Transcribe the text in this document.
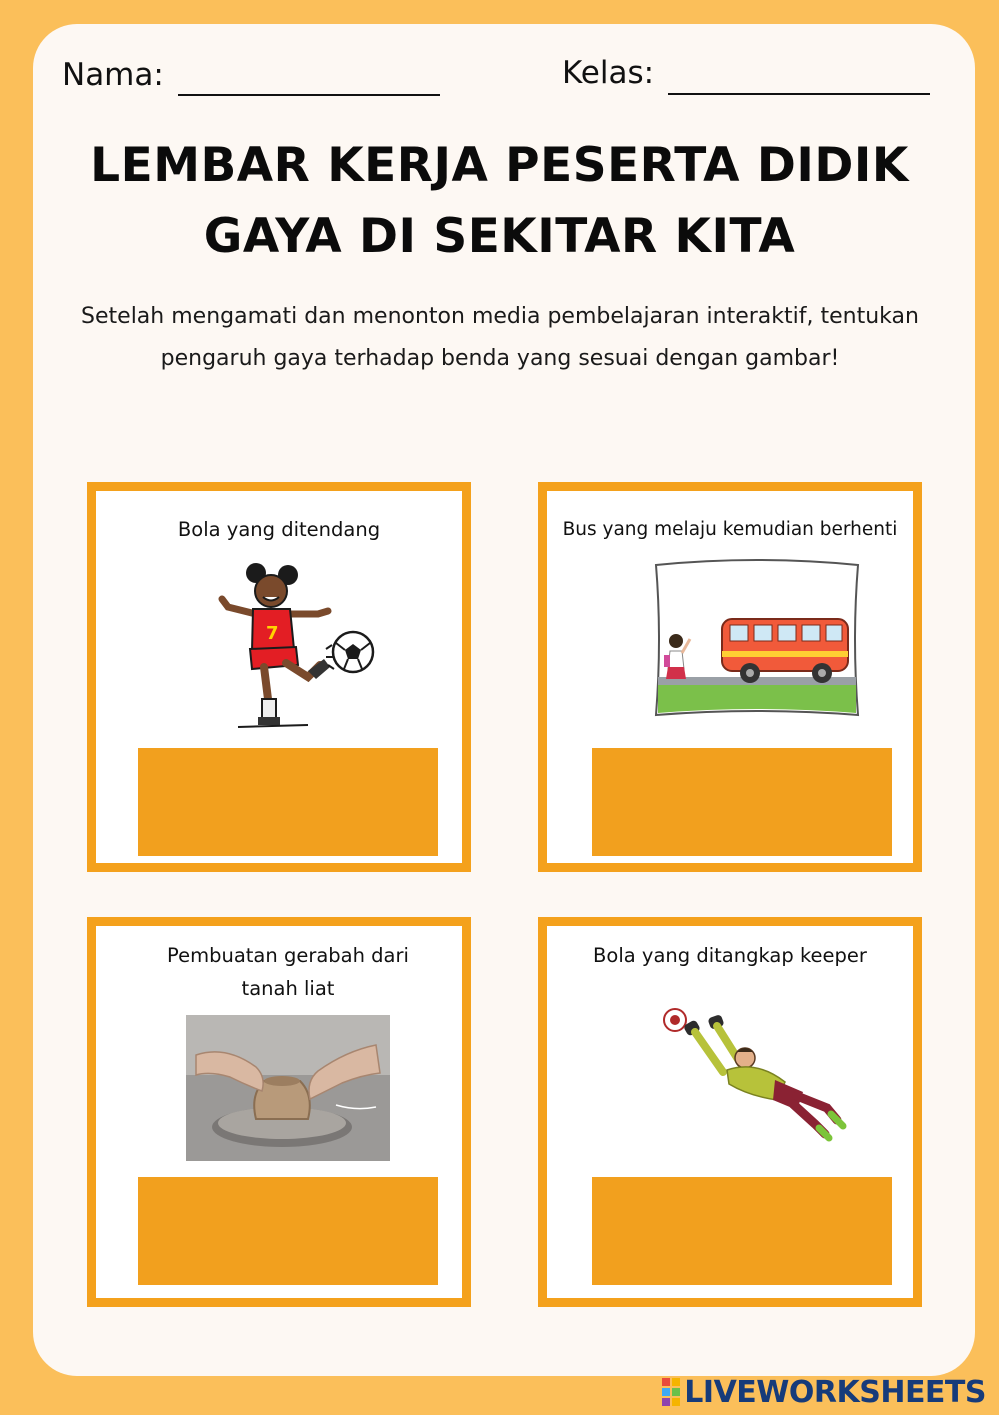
Nama:	Kelas:
LEMBAR KERJA PESERTA DIDIK
GAYA DI SEKITAR KITA
Setelah mengamati dan menonton media pembelajaran interaktif, tentukan pengaruh gaya terhadap benda yang sesuai dengan gambar!
Bola yang ditendang
7
Bus yang melaju kemudian berhenti
Pembuatan gerabah dari tanah liat
Bola yang ditangkap keeper
LIVEWORKSHEETS
